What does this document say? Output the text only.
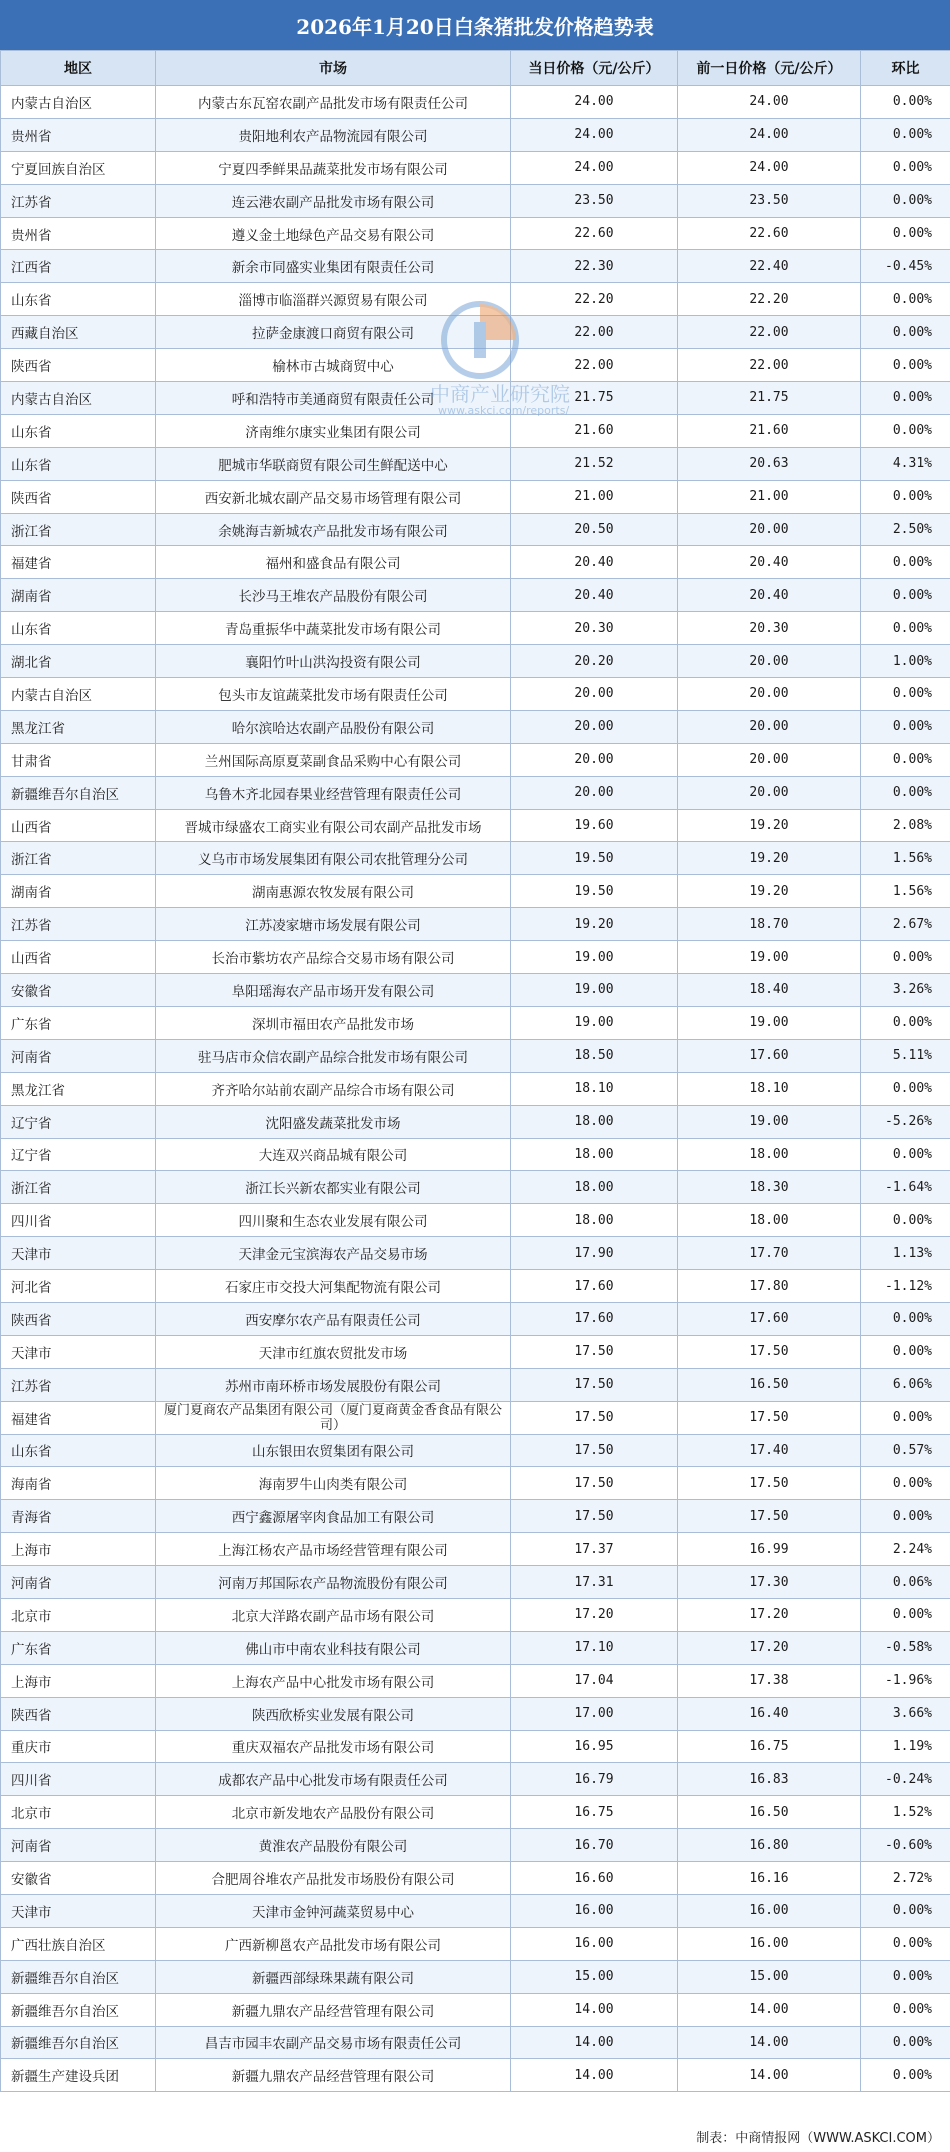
2026年1月20日白条猪批发价格趋势表
地区	市场	当日价格（元/公斤）	前一日价格（元/公斤）	环比
内蒙古自治区	内蒙古东瓦窑农副产品批发市场有限责任公司	24.00	24.00	0.00%
贵州省	贵阳地利农产品物流园有限公司	24.00	24.00	0.00%
宁夏回族自治区	宁夏四季鲜果品蔬菜批发市场有限公司	24.00	24.00	0.00%
江苏省	连云港农副产品批发市场有限公司	23.50	23.50	0.00%
贵州省	遵义金土地绿色产品交易有限公司	22.60	22.60	0.00%
江西省	新余市同盛实业集团有限责任公司	22.30	22.40	-0.45%
山东省	淄博市临淄群兴源贸易有限公司	22.20	22.20	0.00%
西藏自治区	拉萨金康渡口商贸有限公司	22.00	22.00	0.00%
陕西省	榆林市古城商贸中心	22.00	22.00	0.00%
内蒙古自治区	呼和浩特市美通商贸有限责任公司	21.75	21.75	0.00%
山东省	济南维尔康实业集团有限公司	21.60	21.60	0.00%
山东省	肥城市华联商贸有限公司生鲜配送中心	21.52	20.63	4.31%
陕西省	西安新北城农副产品交易市场管理有限公司	21.00	21.00	0.00%
浙江省	余姚海吉新城农产品批发市场有限公司	20.50	20.00	2.50%
福建省	福州和盛食品有限公司	20.40	20.40	0.00%
湖南省	长沙马王堆农产品股份有限公司	20.40	20.40	0.00%
山东省	青岛重振华中蔬菜批发市场有限公司	20.30	20.30	0.00%
湖北省	襄阳竹叶山洪沟投资有限公司	20.20	20.00	1.00%
内蒙古自治区	包头市友谊蔬菜批发市场有限责任公司	20.00	20.00	0.00%
黑龙江省	哈尔滨哈达农副产品股份有限公司	20.00	20.00	0.00%
甘肃省	兰州国际高原夏菜副食品采购中心有限公司	20.00	20.00	0.00%
新疆维吾尔自治区	乌鲁木齐北园春果业经营管理有限责任公司	20.00	20.00	0.00%
山西省	晋城市绿盛农工商实业有限公司农副产品批发市场	19.60	19.20	2.08%
浙江省	义乌市市场发展集团有限公司农批管理分公司	19.50	19.20	1.56%
湖南省	湖南惠源农牧发展有限公司	19.50	19.20	1.56%
江苏省	江苏凌家塘市场发展有限公司	19.20	18.70	2.67%
山西省	长治市紫坊农产品综合交易市场有限公司	19.00	19.00	0.00%
安徽省	阜阳瑶海农产品市场开发有限公司	19.00	18.40	3.26%
广东省	深圳市福田农产品批发市场	19.00	19.00	0.00%
河南省	驻马店市众信农副产品综合批发市场有限公司	18.50	17.60	5.11%
黑龙江省	齐齐哈尔站前农副产品综合市场有限公司	18.10	18.10	0.00%
辽宁省	沈阳盛发蔬菜批发市场	18.00	19.00	-5.26%
辽宁省	大连双兴商品城有限公司	18.00	18.00	0.00%
浙江省	浙江长兴新农都实业有限公司	18.00	18.30	-1.64%
四川省	四川聚和生态农业发展有限公司	18.00	18.00	0.00%
天津市	天津金元宝滨海农产品交易市场	17.90	17.70	1.13%
河北省	石家庄市交投大河集配物流有限公司	17.60	17.80	-1.12%
陕西省	西安摩尔农产品有限责任公司	17.60	17.60	0.00%
天津市	天津市红旗农贸批发市场	17.50	17.50	0.00%
江苏省	苏州市南环桥市场发展股份有限公司	17.50	16.50	6.06%
福建省	厦门夏商农产品集团有限公司（厦门夏商黄金香食品有限公司）	17.50	17.50	0.00%
山东省	山东银田农贸集团有限公司	17.50	17.40	0.57%
海南省	海南罗牛山肉类有限公司	17.50	17.50	0.00%
青海省	西宁鑫源屠宰肉食品加工有限公司	17.50	17.50	0.00%
上海市	上海江杨农产品市场经营管理有限公司	17.37	16.99	2.24%
河南省	河南万邦国际农产品物流股份有限公司	17.31	17.30	0.06%
北京市	北京大洋路农副产品市场有限公司	17.20	17.20	0.00%
广东省	佛山市中南农业科技有限公司	17.10	17.20	-0.58%
上海市	上海农产品中心批发市场有限公司	17.04	17.38	-1.96%
陕西省	陕西欣桥实业发展有限公司	17.00	16.40	3.66%
重庆市	重庆双福农产品批发市场有限公司	16.95	16.75	1.19%
四川省	成都农产品中心批发市场有限责任公司	16.79	16.83	-0.24%
北京市	北京市新发地农产品股份有限公司	16.75	16.50	1.52%
河南省	黄淮农产品股份有限公司	16.70	16.80	-0.60%
安徽省	合肥周谷堆农产品批发市场股份有限公司	16.60	16.16	2.72%
天津市	天津市金钟河蔬菜贸易中心	16.00	16.00	0.00%
广西壮族自治区	广西新柳邕农产品批发市场有限公司	16.00	16.00	0.00%
新疆维吾尔自治区	新疆西部绿珠果蔬有限公司	15.00	15.00	0.00%
新疆维吾尔自治区	新疆九鼎农产品经营管理有限公司	14.00	14.00	0.00%
新疆维吾尔自治区	昌吉市园丰农副产品交易市场有限责任公司	14.00	14.00	0.00%
新疆生产建设兵团	新疆九鼎农产品经营管理有限公司	14.00	14.00	0.00%
中商产业研究院
www.askci.com/reports/
制表：中商情报网（WWW.ASKCI.COM）
